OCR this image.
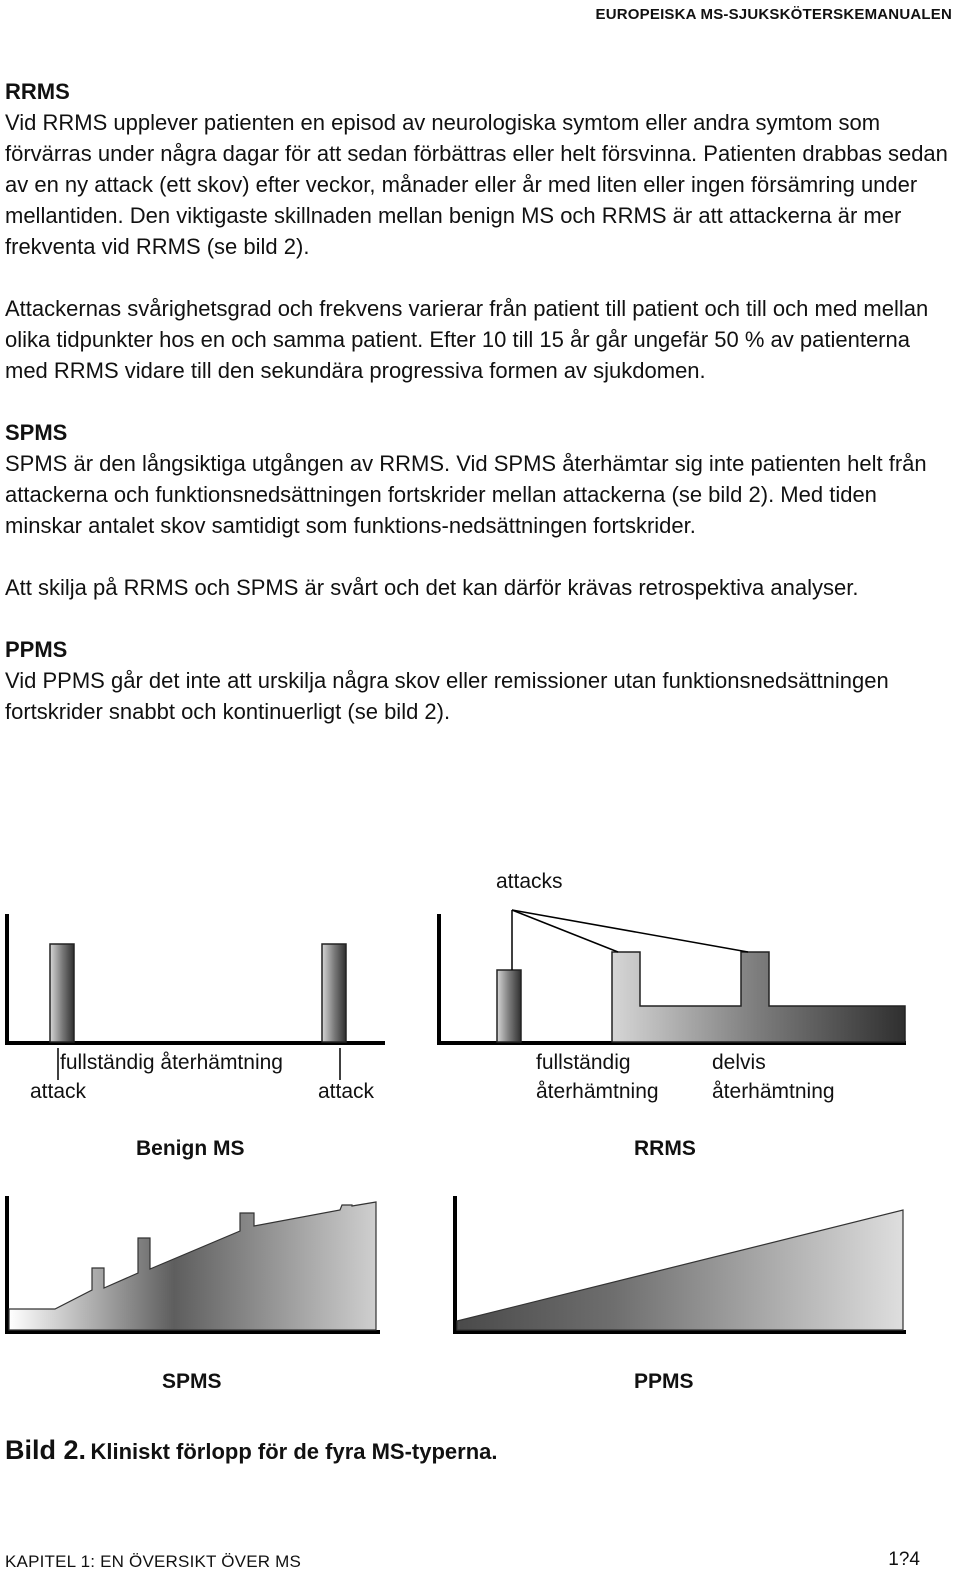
EUROPEISKA MS-SJUKSKÖTERSKEMANUALEN

RRMS

Vid RRMS upplever patienten en episod av neurologiska symtom eller andra symtom som förvärras under några dagar för att sedan förbättras eller helt försvinna. Patienten drabbas sedan av en ny attack (ett skov) efter veckor, månader eller år med liten eller ingen försämring under mellantiden. Den viktigaste skillnaden mellan benign MS och RRMS är att attackerna är mer frekventa vid RRMS (se bild 2).

Attackernas svårighetsgrad och frekvens varierar från patient till patient och till och med mellan olika tidpunkter hos en och samma patient. Efter 10 till 15 år går ungefär 50 % av patienterna med RRMS vidare till den sekundära progressiva formen av sjukdomen.

SPMS

SPMS är den långsiktiga utgången av RRMS. Vid SPMS återhämtar sig inte patienten helt från attackerna och funktionsnedsättningen fortskrider mellan attackerna (se bild 2). Med tiden minskar antalet skov samtidigt som funktions-nedsättningen fortskrider.

Att skilja på RRMS och SPMS är svårt och det kan därför krävas retrospektiva analyser.

PPMS

Vid PPMS går det inte att urskilja några skov eller remissioner utan funktionsnedsättningen fortskrider snabbt och kontinuerligt (se bild 2).

fullständig återhämtning
attack	attack
Benign MS
attacks
fullständig
återhämtning
delvis
återhämtning
RRMS
SPMS	PPMS
Bild 2. Kliniskt förlopp för de fyra MS-typerna.
KAPITEL 1: EN ÖVERSIKT ÖVER MS	1?4
